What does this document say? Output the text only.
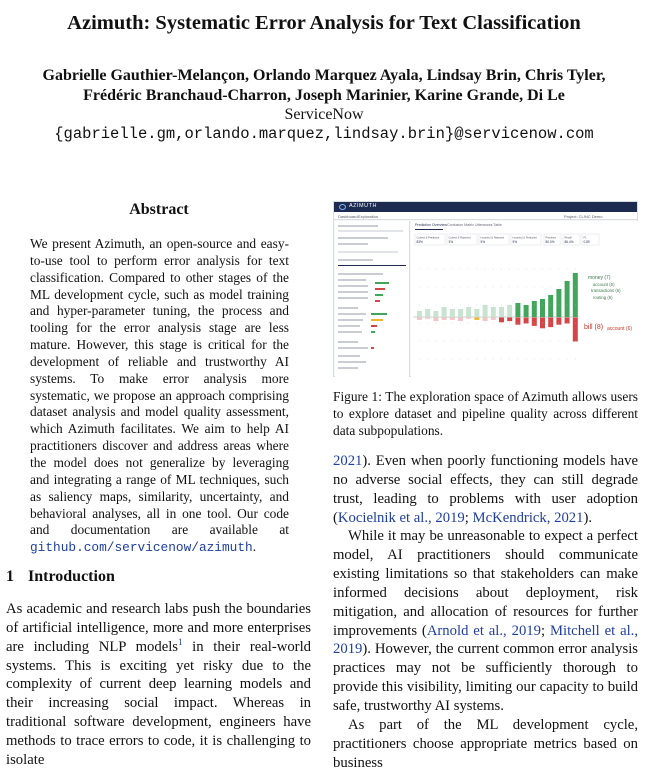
Azimuth: Systematic Error Analysis for Text Classification
Gabrielle Gauthier-Melançon, Orlando Marquez Ayala, Lindsay Brin, Chris Tyler,
Frédéric Branchaud-Charron, Joseph Marinier, Karine Grande, Di Le
ServiceNow
{gabrielle.gm,orlando.marquez,lindsay.brin}@servicenow.com
Abstract
We present Azimuth, an open-source and easy-to-use tool to perform error analysis for text classification. Compared to other stages of the ML development cycle, such as model training and hyper-parameter tuning, the process and tooling for the error analysis stage are less mature. However, this stage is critical for the development of reliable and trustworthy AI systems. To make error analysis more systematic, we propose an approach comprising dataset analysis and model quality assessment, which Azimuth facilitates. We aim to help AI practitioners discover and address areas where the model does not generalize by leveraging and integrating a range of ML techniques, such as saliency maps, similarity, uncertainty, and behavioral analyses, all in one tool. Our code and documentation are available at github.com/servicenow/azimuth.
1 Introduction
As academic and research labs push the boundaries of artificial intelligence, more and more enterprises are including NLP models$^1$ in their real-world systems. This is exciting yet risky due to the complexity of current deep learning models and their increasing social impact. Whereas in traditional software development, engineers have methods to trace errors to code, it is challenging to isolate
AZIMUTH
Dashboard Exploration	Project: CLINC Demo
Prediction Overview Confusion Matrix Utterances Table
Correct & Predicted
83%
Correct & Rejected
3%
Incorrect & Rejected
5%
Incorrect & Predicted
9%
Precision
80.0%
Recall
86.4%
F1
0.89
money (7)
account (6)
transactions (6)
routing (6)
bill (8) account (6)
Figure 1: The exploration space of Azimuth allows users to explore dataset and pipeline quality across different data subpopulations.

2021). Even when poorly functioning models have no adverse social effects, they can still degrade trust, leading to problems with user adoption (Kocielnik et al., 2019; McKendrick, 2021).

While it may be unreasonable to expect a perfect model, AI practitioners should communicate existing limitations so that stakeholders can make informed decisions about deployment, risk mitigation, and allocation of resources for further improvements (Arnold et al., 2019; Mitchell et al., 2019). However, the current common error analysis practices may not be sufficiently thorough to provide this visibility, limiting our capacity to build safe, trustworthy AI systems.

As part of the ML development cycle, practitioners choose appropriate metrics based on business
